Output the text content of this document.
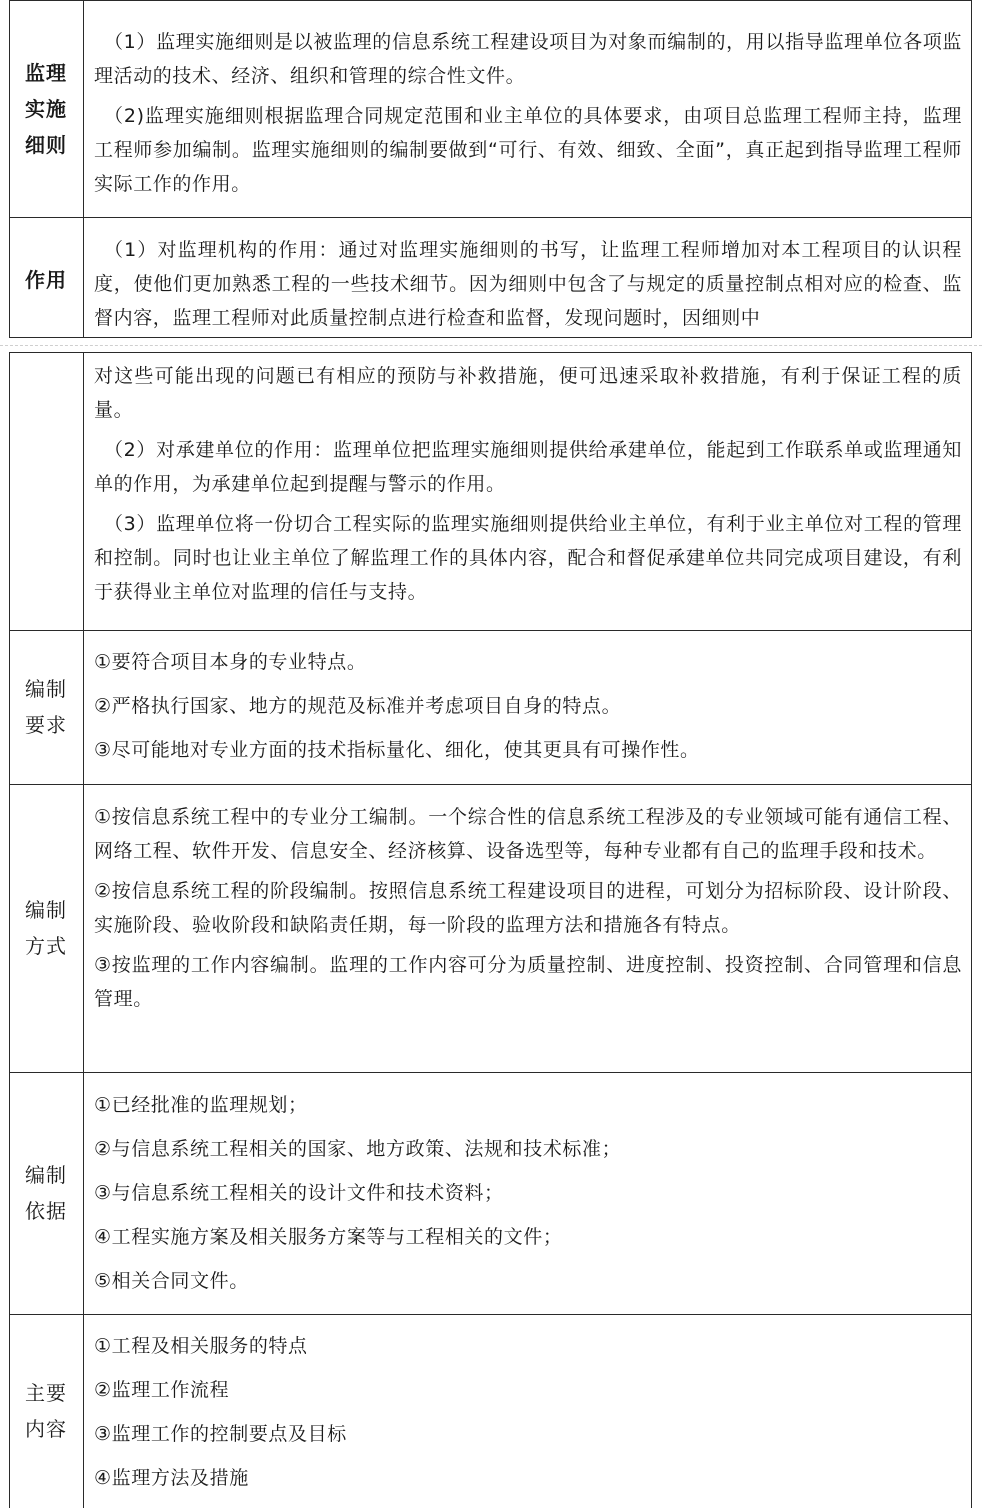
监理
实施
细则

（1）监理实施细则是以被监理的信息系统工程建设项目为对象而编制的，用以指导监理单位各项监理活动的技术、经济、组织和管理的综合性文件。

（2)监理实施细则根据监理合同规定范围和业主单位的具体要求，由项目总监理工程师主持，监理工程师参加编制。监理实施细则的编制要做到“可行、有效、细致、全面”，真正起到指导监理工程师实际工作的作用。

作用

（1）对监理机构的作用：通过对监理实施细则的书写，让监理工程师增加对本工程项目的认识程度，使他们更加熟悉工程的一些技术细节。因为细则中包含了与规定的质量控制点相对应的检查、监督内容，监理工程师对此质量控制点进行检查和监督，发现问题时，因细则中

对这些可能出现的问题已有相应的预防与补救措施，便可迅速采取补救措施，有利于保证工程的质量。

（2）对承建单位的作用：监理单位把监理实施细则提供给承建单位，能起到工作联系单或监理通知单的作用，为承建单位起到提醒与警示的作用。

（3）监理单位将一份切合工程实际的监理实施细则提供给业主单位，有利于业主单位对工程的管理和控制。同时也让业主单位了解监理工作的具体内容，配合和督促承建单位共同完成项目建设，有利于获得业主单位对监理的信任与支持。

编制
要求

①要符合项目本身的专业特点。

②严格执行国家、地方的规范及标准并考虑项目自身的特点。

③尽可能地对专业方面的技术指标量化、细化，使其更具有可操作性。

编制
方式

①按信息系统工程中的专业分工编制。一个综合性的信息系统工程涉及的专业领域可能有通信工程、网络工程、软件开发、信息安全、经济核算、设备选型等，每种专业都有自己的监理手段和技术。

②按信息系统工程的阶段编制。按照信息系统工程建设项目的进程，可划分为招标阶段、设计阶段、实施阶段、验收阶段和缺陷责任期，每一阶段的监理方法和措施各有特点。

③按监理的工作内容编制。监理的工作内容可分为质量控制、进度控制、投资控制、合同管理和信息管理。

编制
依据

①已经批准的监理规划；

②与信息系统工程相关的国家、地方政策、法规和技术标准；

③与信息系统工程相关的设计文件和技术资料；

④工程实施方案及相关服务方案等与工程相关的文件；

⑤相关合同文件。

主要
内容

①工程及相关服务的特点

②监理工作流程

③监理工作的控制要点及目标

④监理方法及措施
